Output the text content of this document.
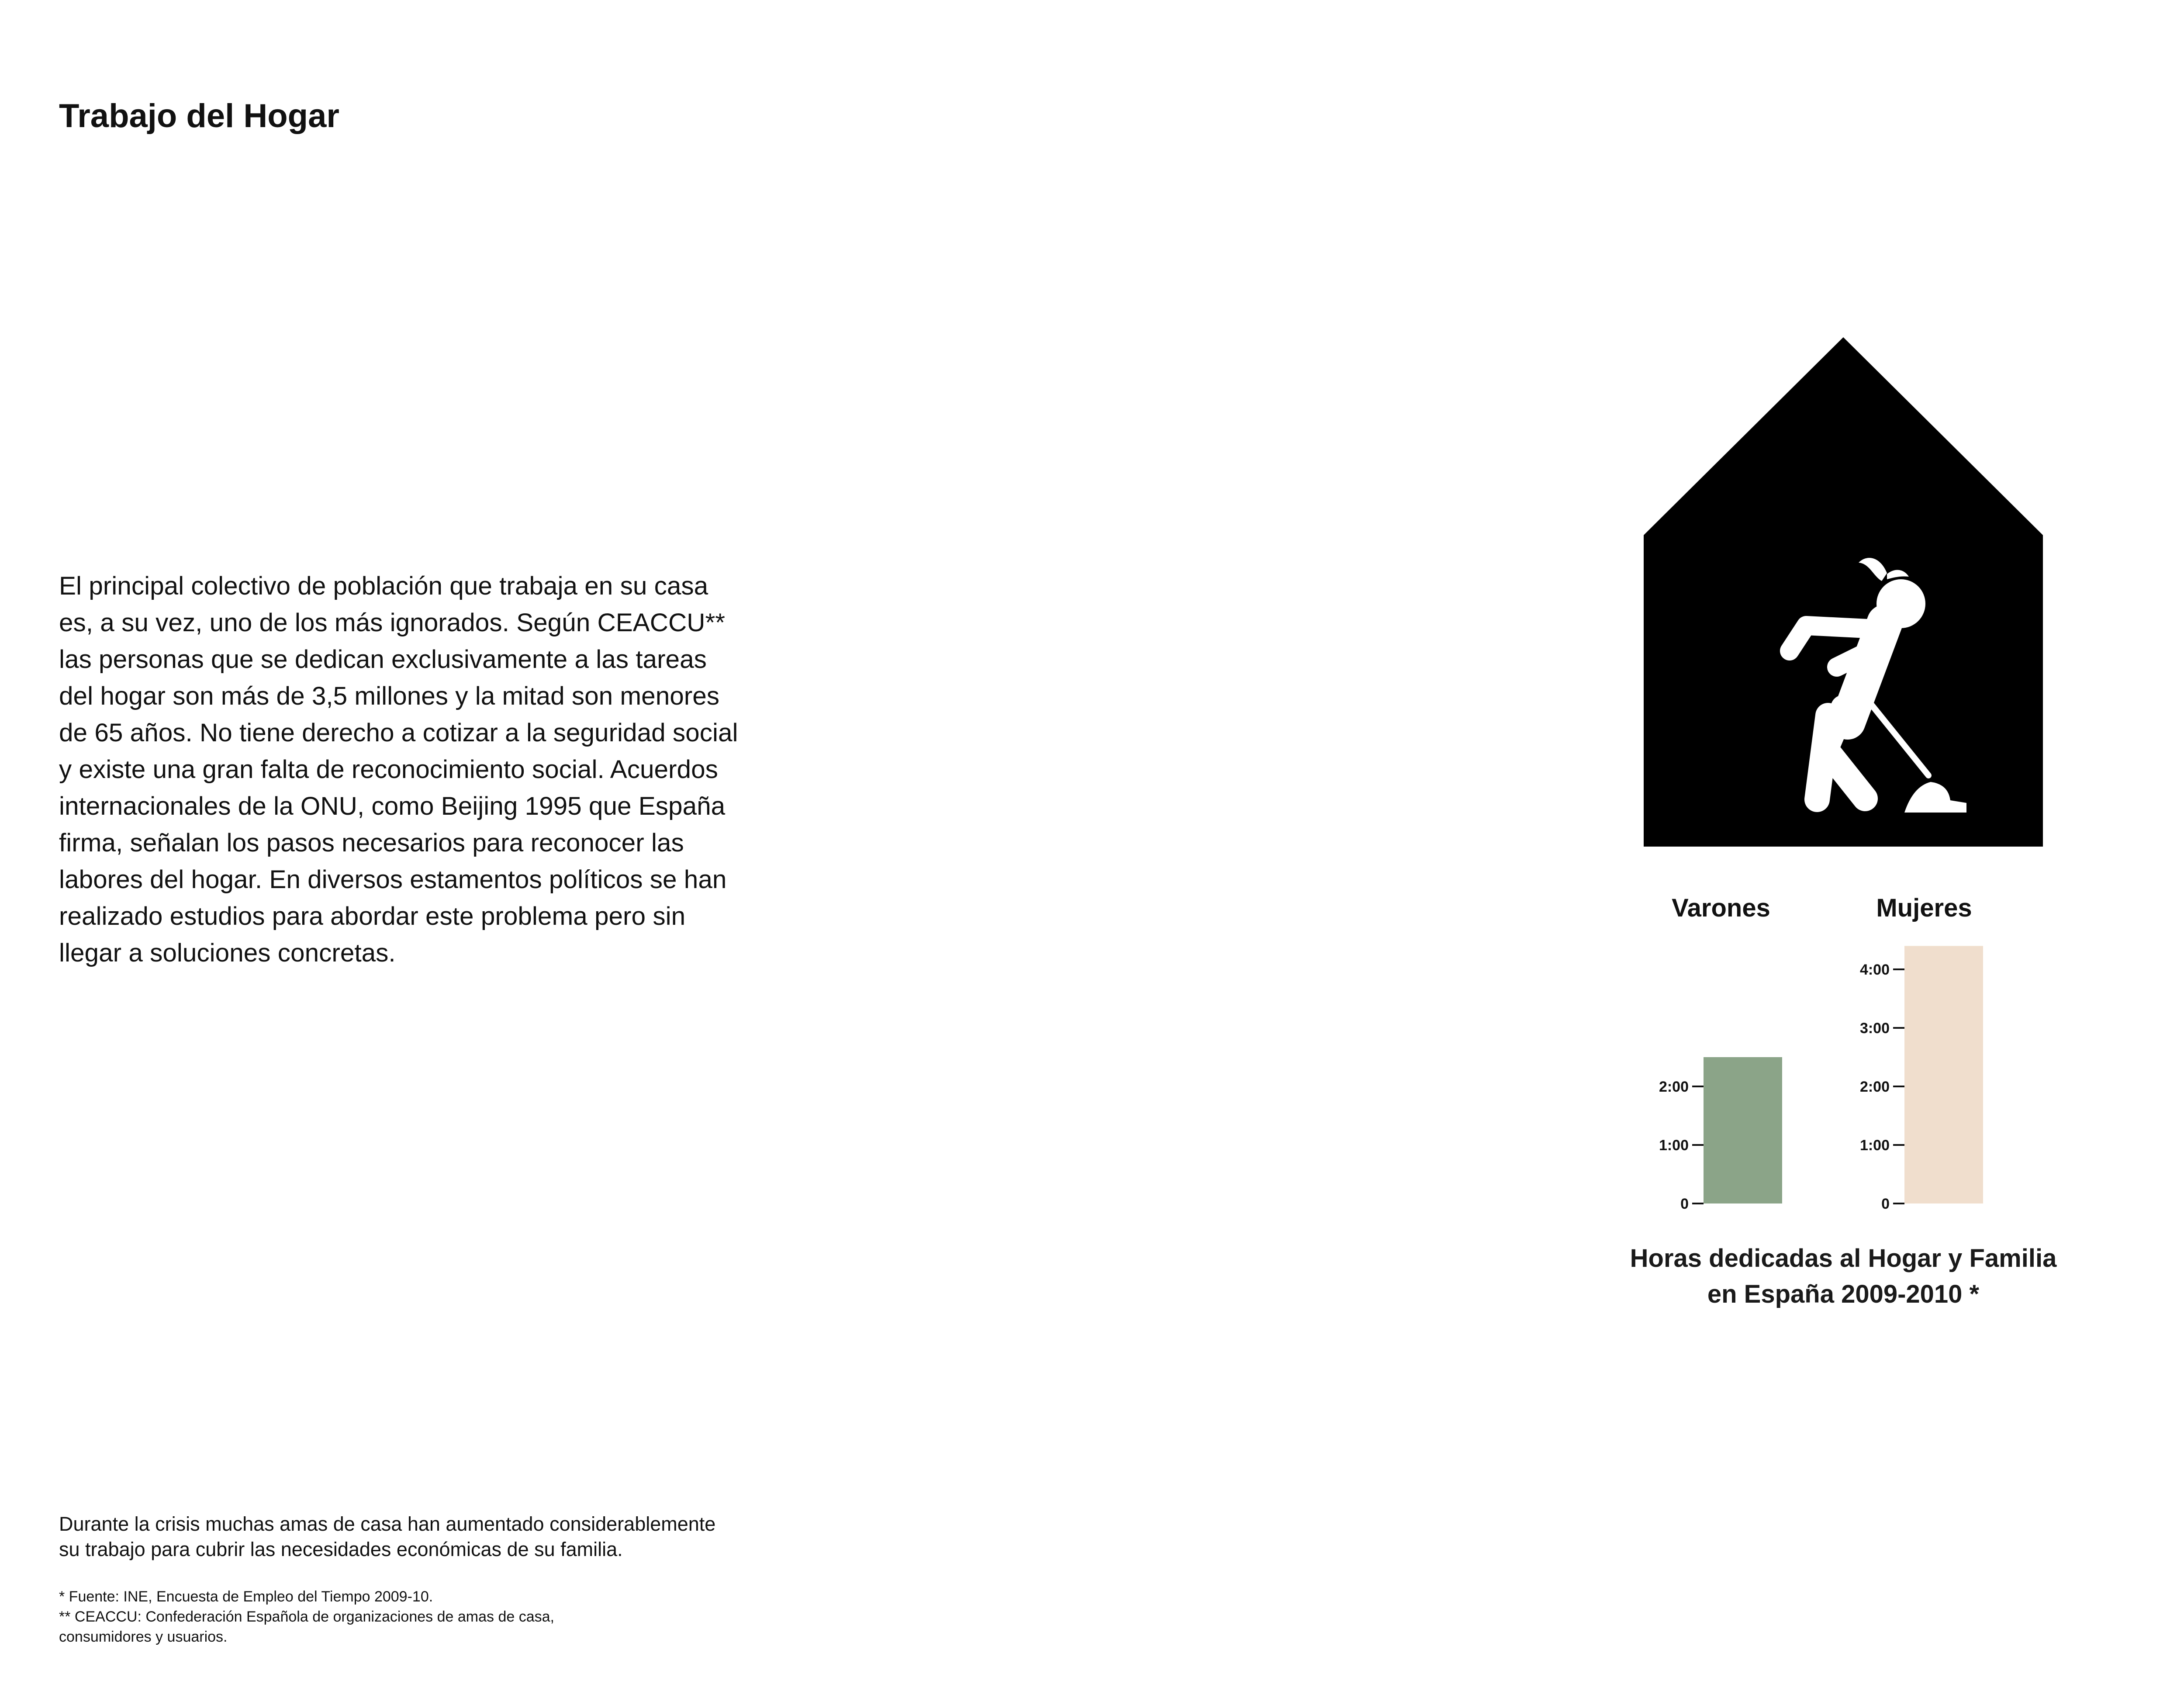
Trabajo del Hogar

El principal colectivo de población que trabaja en su casa
es, a su vez, uno de los más ignorados. Según CEACCU**
las personas que se dedican exclusivamente a las tareas
del hogar son más de 3,5 millones y la mitad son menores
de 65 años. No tiene derecho a cotizar a la seguridad social
y existe una gran falta de reconocimiento social. Acuerdos
internacionales de la ONU, como Beijing 1995 que España
firma, señalan los pasos necesarios para reconocer las
labores del hogar. En diversos estamentos políticos se han
realizado estudios para abordar este problema pero sin
llegar a soluciones concretas.

Varones
0
1:00
2:00
Mujeres
0
1:00
2:00
3:00
4:00
Horas dedicadas al Hogar y Familia
en España 2009-2010 *

Durante la crisis muchas amas de casa han aumentado considerablemente
su trabajo para cubrir las necesidades económicas de su familia.

* Fuente: INE, Encuesta de Empleo del Tiempo 2009-10.
** CEACCU: Confederación Española de organizaciones de amas de casa,
consumidores y usuarios.
